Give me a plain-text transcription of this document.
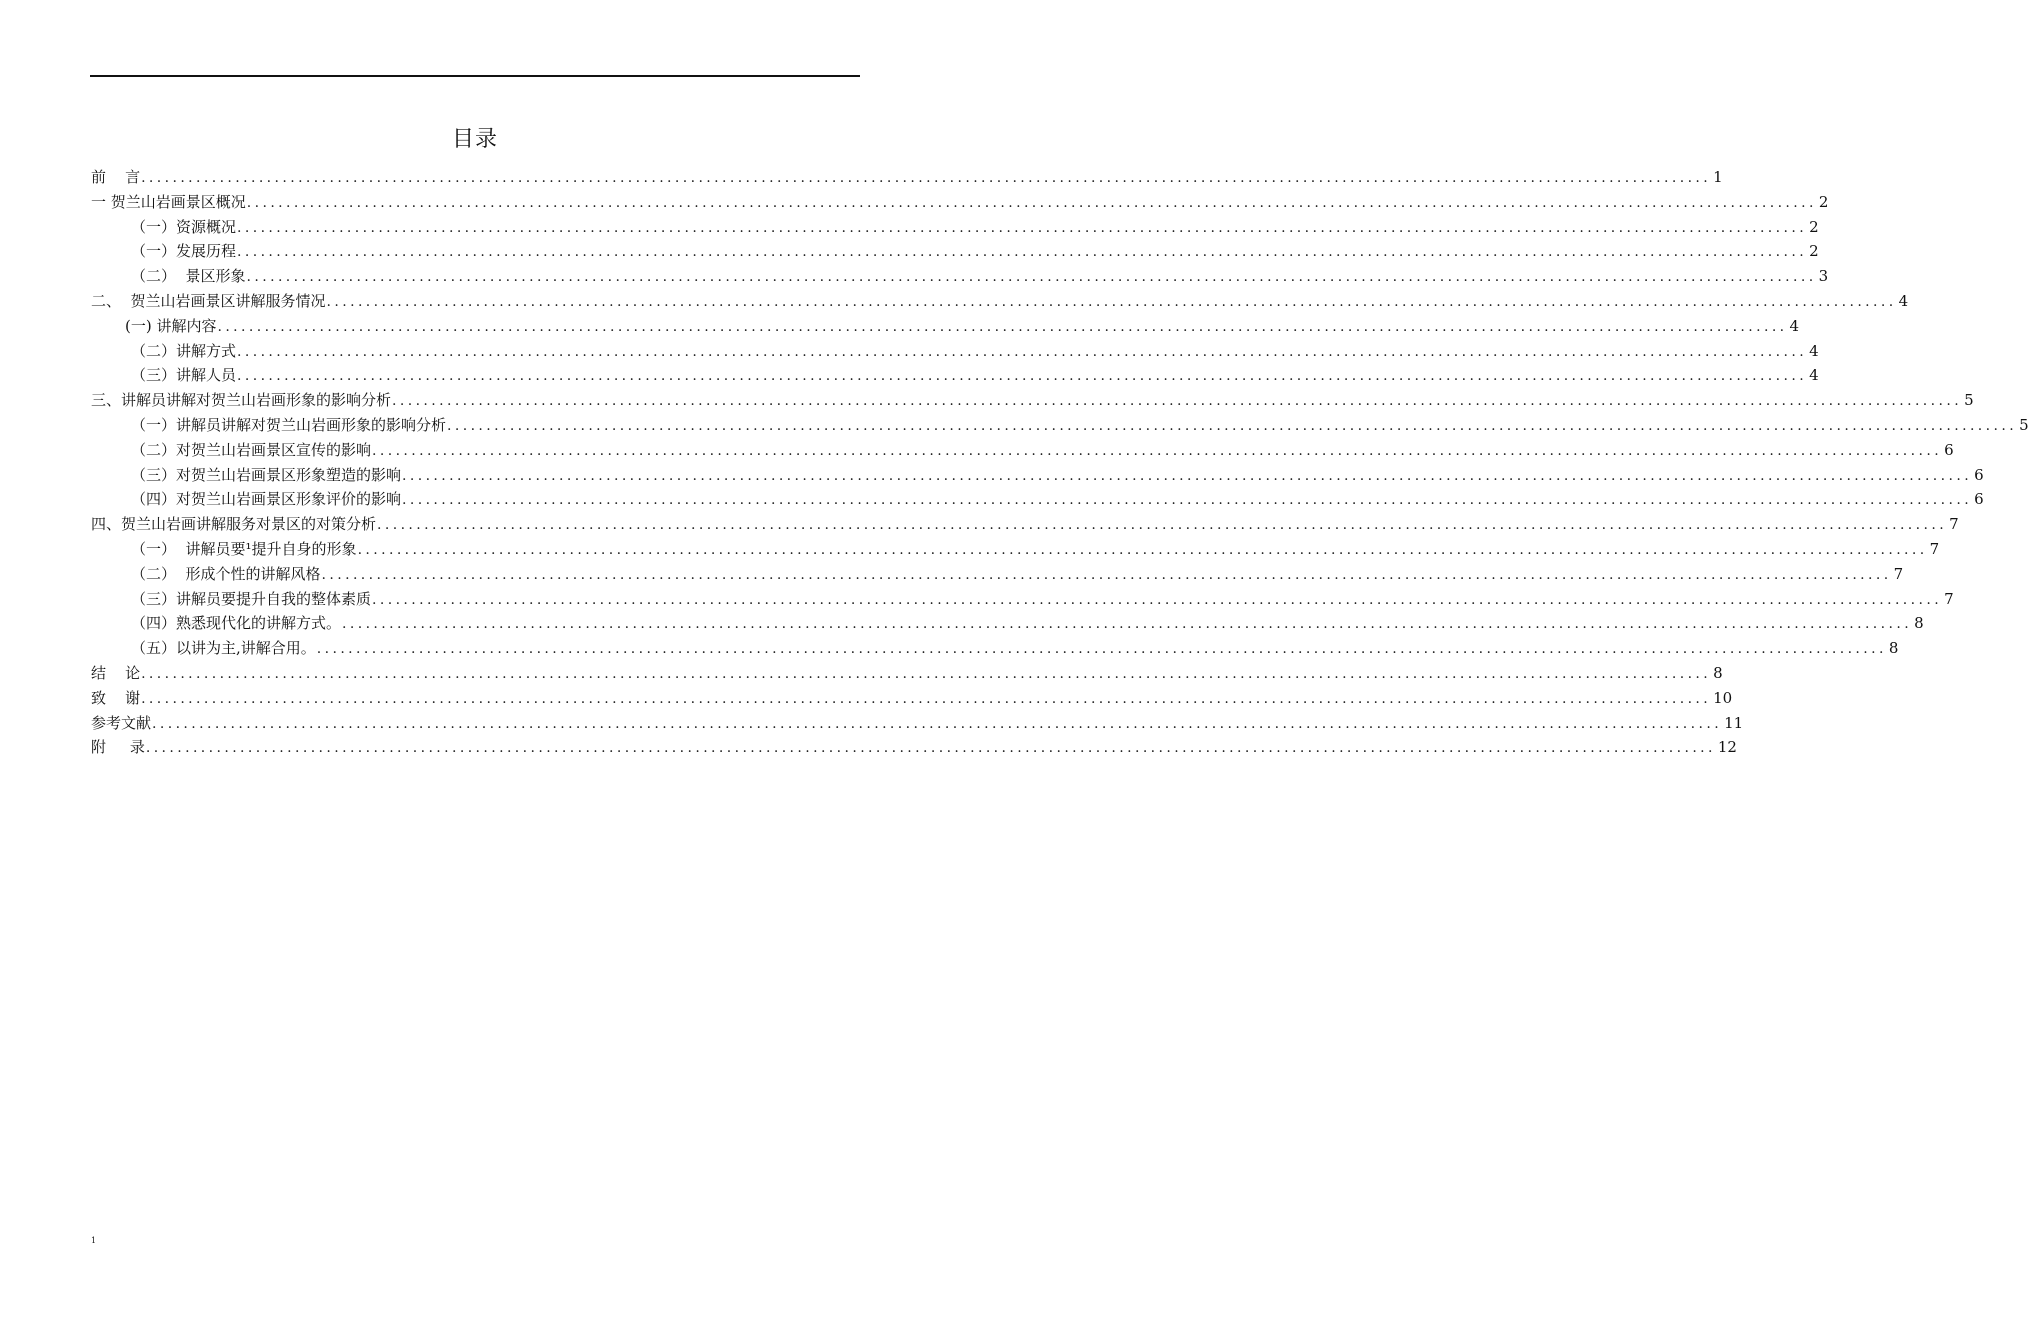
目录
前    言 ........................................................................................................................................................................................................ 1
一 贺兰山岩画景区概况 ........................................................................................................................................................................................................ 2
（一）资源概况 ........................................................................................................................................................................................................ 2
（一）发展历程 ........................................................................................................................................................................................................ 2
（二）  景区形象 ........................................................................................................................................................................................................ 3
二、  贺兰山岩画景区讲解服务情况 ........................................................................................................................................................................................................ 4
(一) 讲解内容 ........................................................................................................................................................................................................ 4
（二）讲解方式 ........................................................................................................................................................................................................ 4
（三）讲解人员 ........................................................................................................................................................................................................ 4
三、讲解员讲解对贺兰山岩画形象的影响分析 ........................................................................................................................................................................................................ 5
（一）讲解员讲解对贺兰山岩画形象的影响分析 ........................................................................................................................................................................................................ 5
（二）对贺兰山岩画景区宣传的影响 ........................................................................................................................................................................................................ 6
（三）对贺兰山岩画景区形象塑造的影响 ........................................................................................................................................................................................................ 6
（四）对贺兰山岩画景区形象评价的影响 ........................................................................................................................................................................................................ 6
四、贺兰山岩画讲解服务对景区的对策分析 ........................................................................................................................................................................................................ 7
（一）  讲解员要¹提升自身的形象 ........................................................................................................................................................................................................ 7
（二）  形成个性的讲解风格 ........................................................................................................................................................................................................ 7
（三）讲解员要提升自我的整体素质 ........................................................................................................................................................................................................ 7
（四）熟悉现代化的讲解方式。 ........................................................................................................................................................................................................ 8
（五）以讲为主,讲解合用。 ........................................................................................................................................................................................................ 8
结    论 ........................................................................................................................................................................................................ 8
致    谢 ........................................................................................................................................................................................................ 10
参考文献 ........................................................................................................................................................................................................ 11
附     录 ........................................................................................................................................................................................................ 12
1
